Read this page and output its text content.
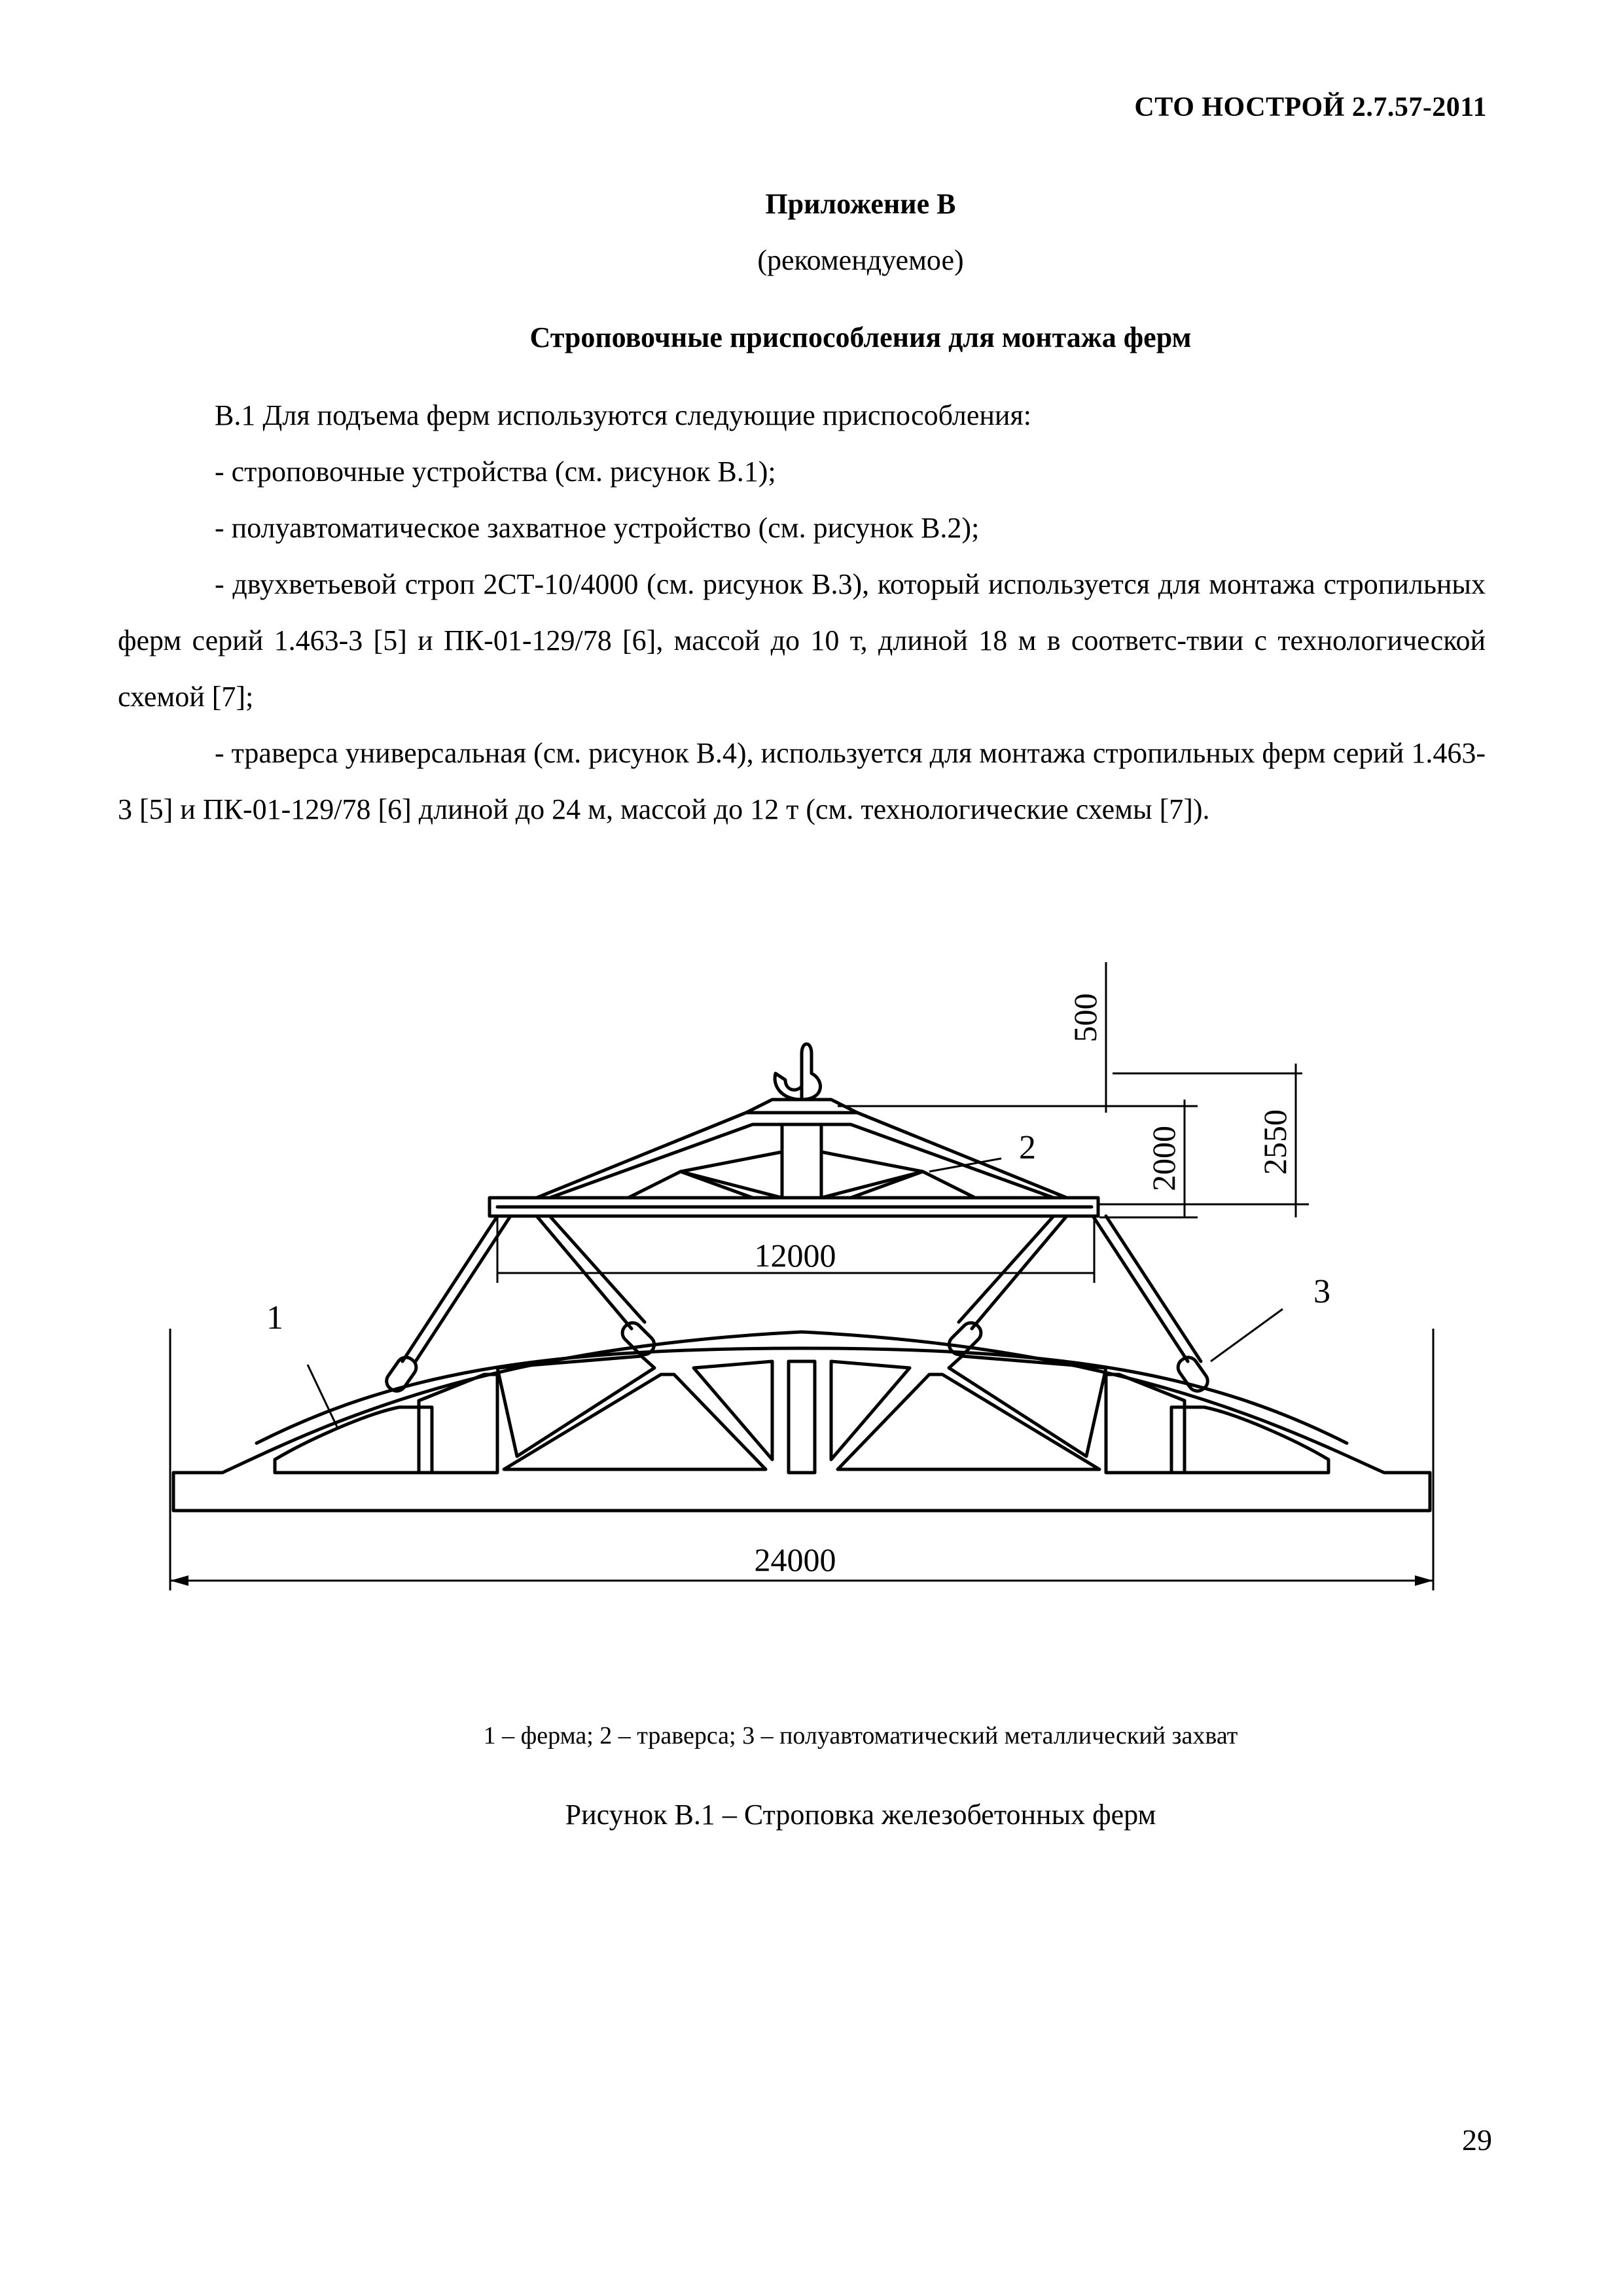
СТО НОСТРОЙ 2.7.57-2011
Приложение В
(рекомендуемое)
Строповочные приспособления для монтажа ферм

В.1 Для подъема ферм используются следующие приспособления:

- строповочные устройства (см. рисунок В.1);

- полуавтоматическое захватное устройство (см. рисунок В.2);

- двухветьевой строп 2СТ-10/4000 (см. рисунок В.3), который используется для монтажа стропильных ферм серий 1.463-3 [5] и ПК-01-129/78 [6], массой до 10 т, длиной 18 м в соответс-твии с технологической схемой [7];

- траверса универсальная (см. рисунок В.4), используется для монтажа стропильных ферм серий 1.463-3 [5] и ПК-01-129/78 [6] длиной до 24 м, массой до 12 т (см. технологические схемы [7]).

24000
12000
500
2000 2550
1
2
3
1 – ферма; 2 – траверса; 3 – полуавтоматический металлический захват
Рисунок В.1 – Строповка железобетонных ферм
29
